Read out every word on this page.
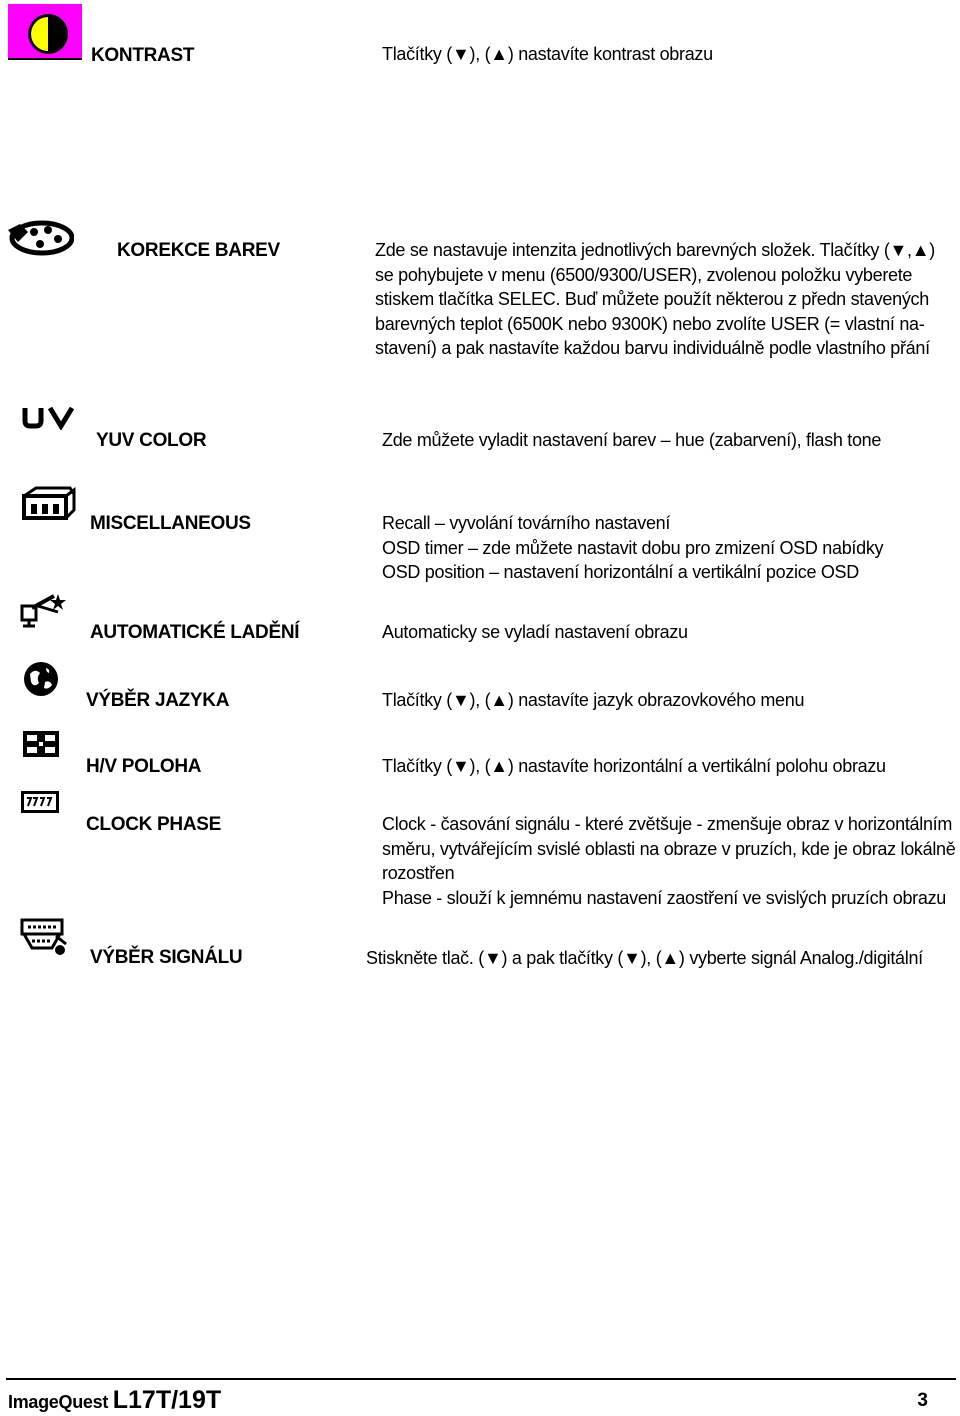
KONTRAST	Tlačítky (▼), (▲) nastavíte kontrast obrazu
KOREKCE BAREV	Zde se nastavuje intenzita jednotlivých barevných složek. Tlačítky (▼,▲)
se pohybujete v menu (6500/9300/USER), zvolenou položku vyberete
stiskem tlačítka SELEC. Buď můžete použít některou z předn stavených
barevných teplot (6500K nebo 9300K) nebo zvolíte USER (= vlastní na-
stavení) a pak nastavíte každou barvu individuálně podle vlastního přání
YUV COLOR	Zde můžete vyladit nastavení barev – hue (zabarvení), flash tone
MISCELLANEOUS	Recall – vyvolání továrního nastavení
OSD timer – zde můžete nastavit dobu pro zmizení OSD nabídky
OSD position – nastavení horizontální a vertikální pozice OSD
AUTOMATICKÉ LADĚNÍ	Automaticky se vyladí nastavení obrazu
VÝBĚR JAZYKA	Tlačítky (▼), (▲) nastavíte jazyk obrazovkového menu
H/V POLOHA	Tlačítky (▼), (▲) nastavíte horizontální a vertikální polohu obrazu
CLOCK PHASE	Clock - časování signálu - které zvětšuje - zmenšuje obraz v horizontálním
směru, vytvářejícím svislé oblasti na obraze v pruzích, kde je obraz lokálně
rozostřen
Phase - slouží k jemnému nastavení zaostření ve svislých pruzích obrazu
VÝBĚR SIGNÁLU	Stiskněte tlač. (▼) a pak tlačítky (▼), (▲) vyberte signál Analog./digitální
ImageQuest L17T/19T	3
